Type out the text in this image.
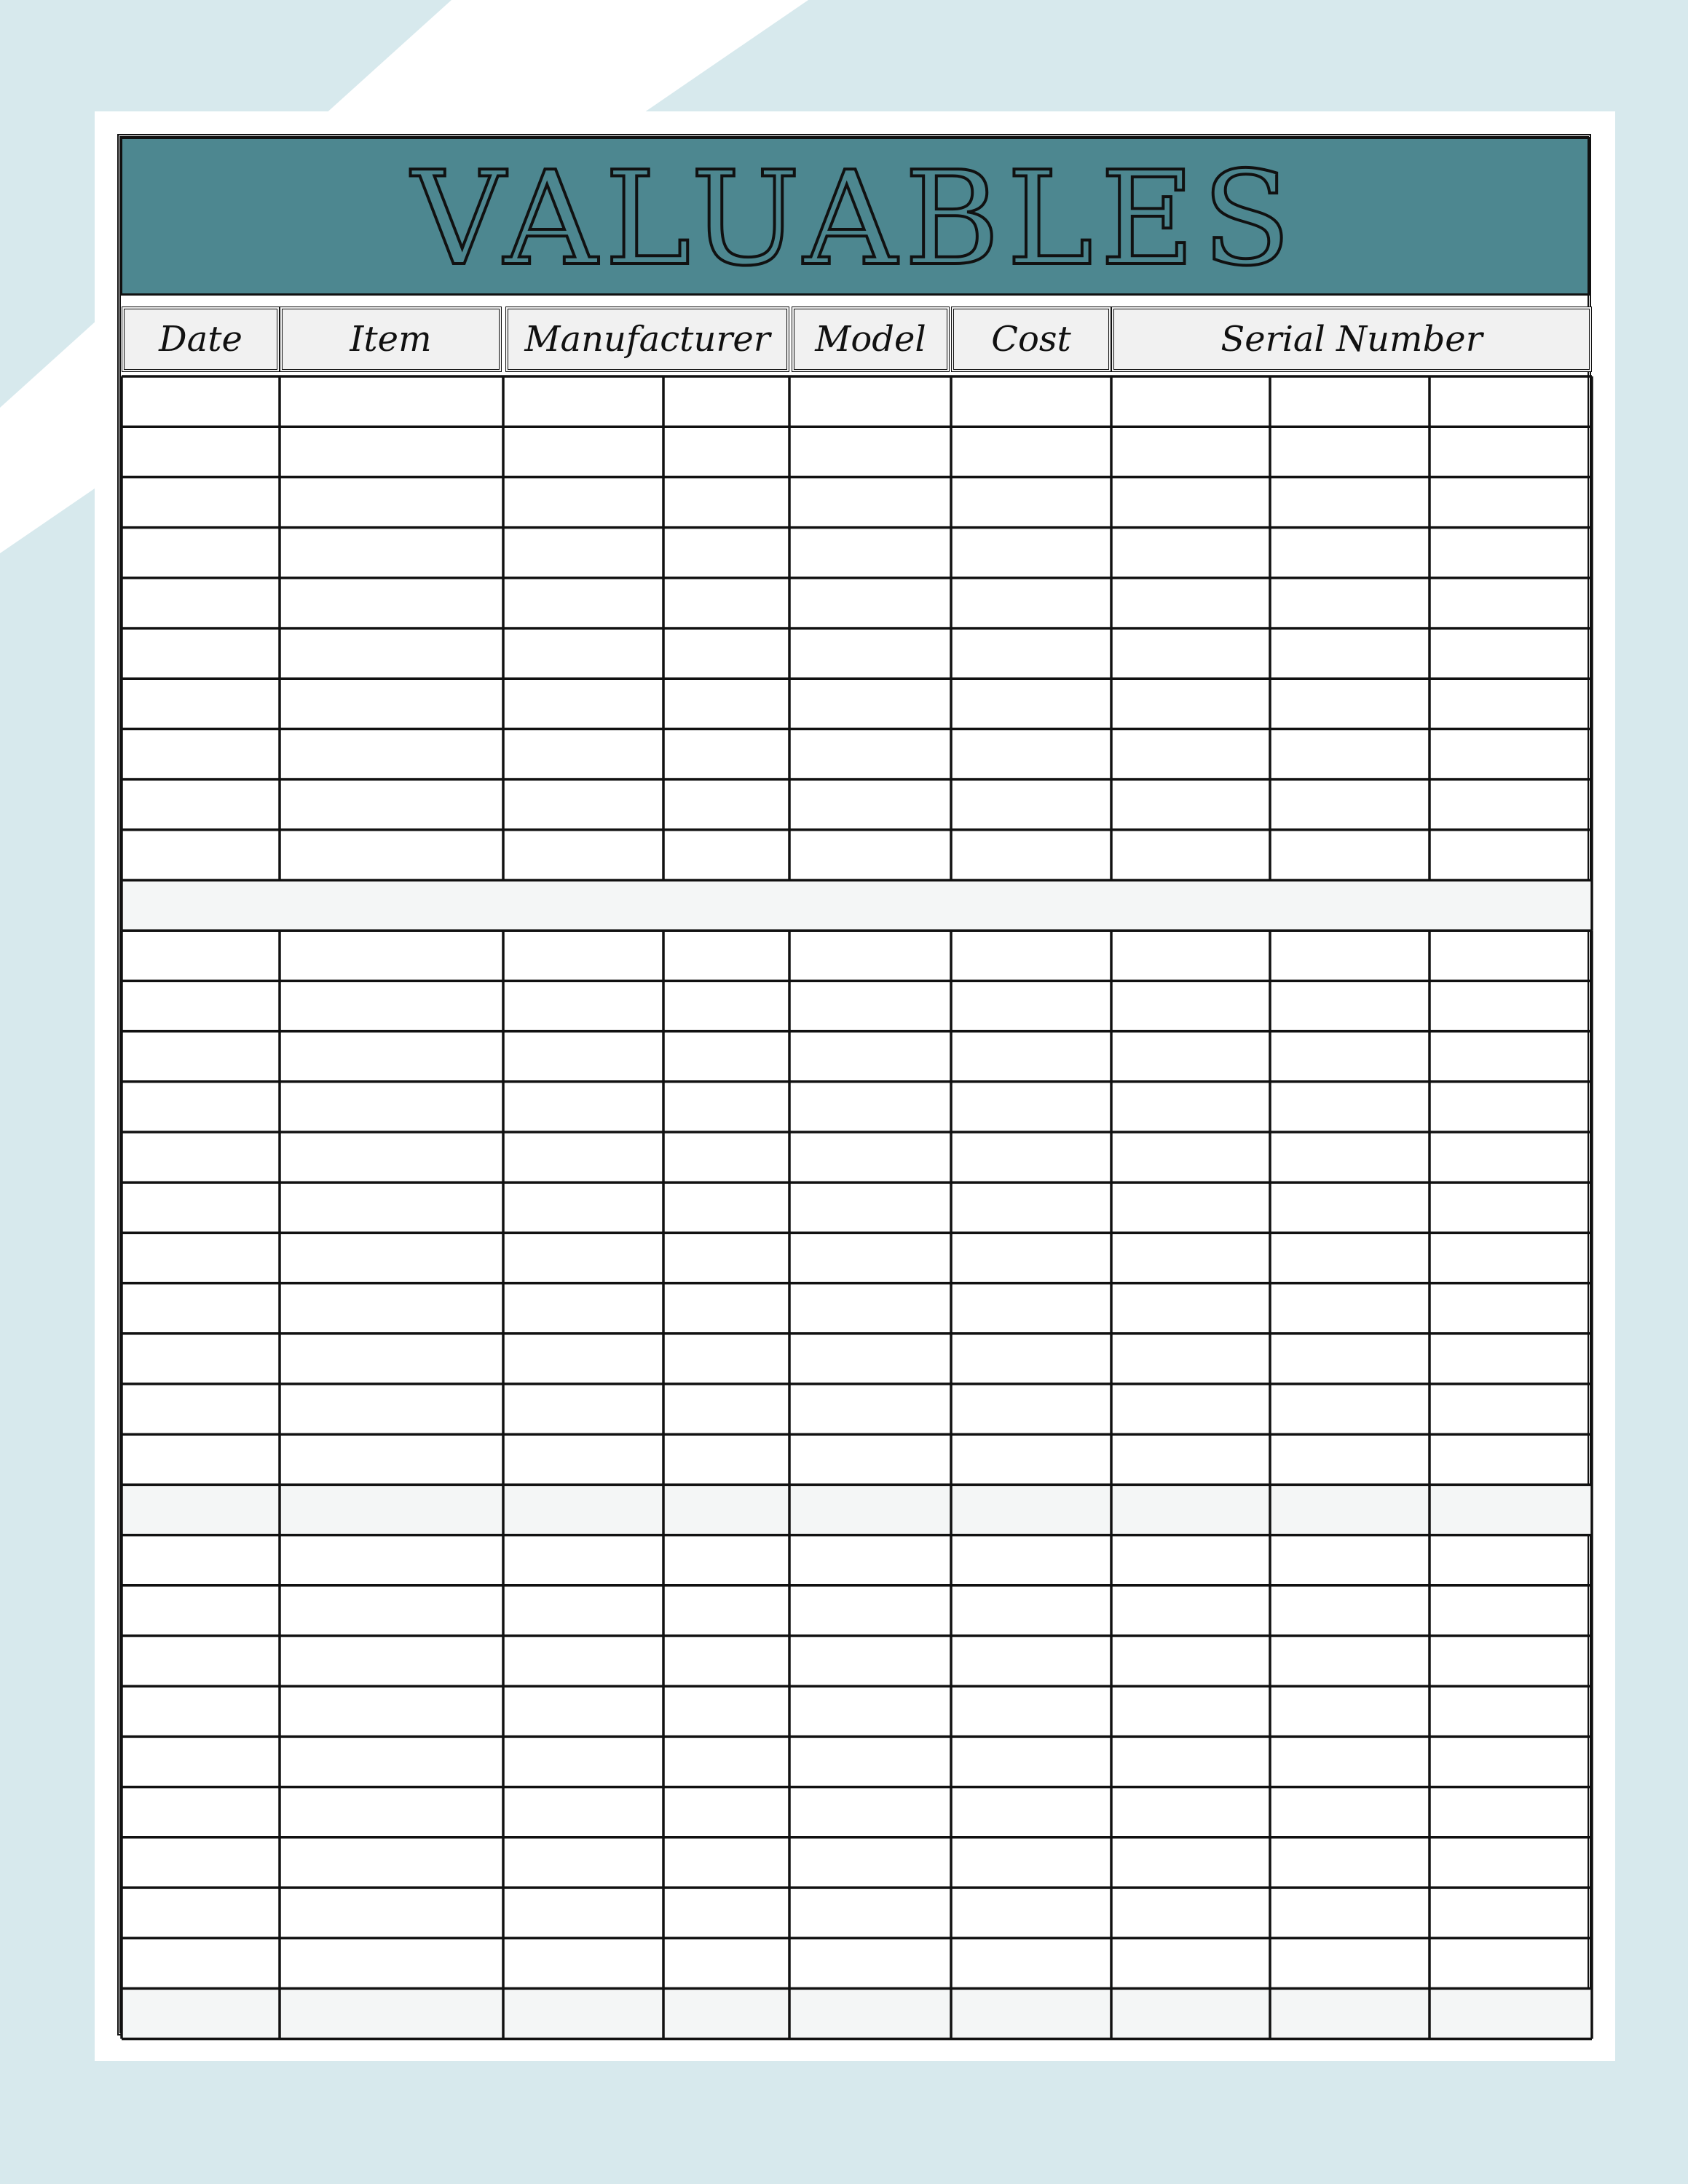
VALUABLES
Date	Item	Manufacturer	Model	Cost	Serial Number
